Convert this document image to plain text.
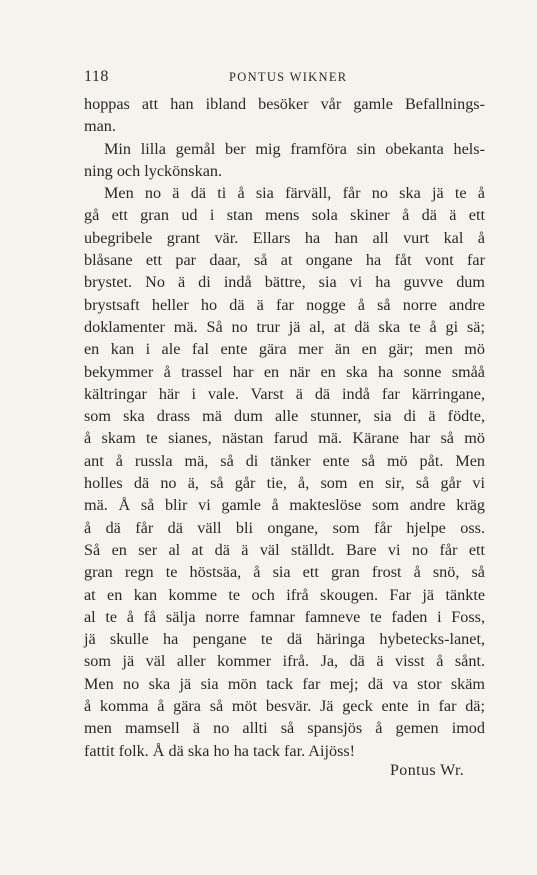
118	PONTUS WIKNER
hoppas att han ibland besöker vår gamle Befallnings-
man.
Min lilla gemål ber mig framföra sin obekanta hels-
ning och lyckönskan.
Men no ä dä ti å sia färväll, får no ska jä te å
gå ett gran ud i stan mens sola skiner å dä ä ett
ubegribele grant vär. Ellars ha han all vurt kal å
blåsane ett par daar, så at ongane ha fåt vont far
brystet. No ä di indå bättre, sia vi ha guvve dum
brystsaft heller ho dä ä far nogge å så norre andre
doklamenter mä. Så no trur jä al, at dä ska te å gi sä;
en kan i ale fal ente gära mer än en gär; men mö
bekymmer å trassel har en när en ska ha sonne småå
kältringar här i vale. Varst ä dä indå far kärringane,
som ska drass mä dum alle stunner, sia di ä födte,
å skam te sianes, nästan farud mä. Kärane har så mö
ant å russla mä, så di tänker ente så mö påt. Men
holles dä no ä, så går tie, å, som en sir, så går vi
mä. Å så blir vi gamle å makteslöse som andre kräg
å dä får dä väll bli ongane, som får hjelpe oss.
Så en ser al at dä ä väl ställdt. Bare vi no får ett
gran regn te höstsäa, å sia ett gran frost å snö, så
at en kan komme te och ifrå skougen. Far jä tänkte
al te å få sälja norre famnar famneve te faden i Foss,
jä skulle ha pengane te dä häringa hybetecks-lanet,
som jä väl aller kommer ifrå. Ja, dä ä visst å sånt.
Men no ska jä sia mön tack far mej; dä va stor skäm
å komma å gära så möt besvär. Jä geck ente in far dä;
men mamsell ä no allti så spansjös å gemen imod
fattit folk. Å dä ska ho ha tack far. Aijöss!
Pontus Wr.
